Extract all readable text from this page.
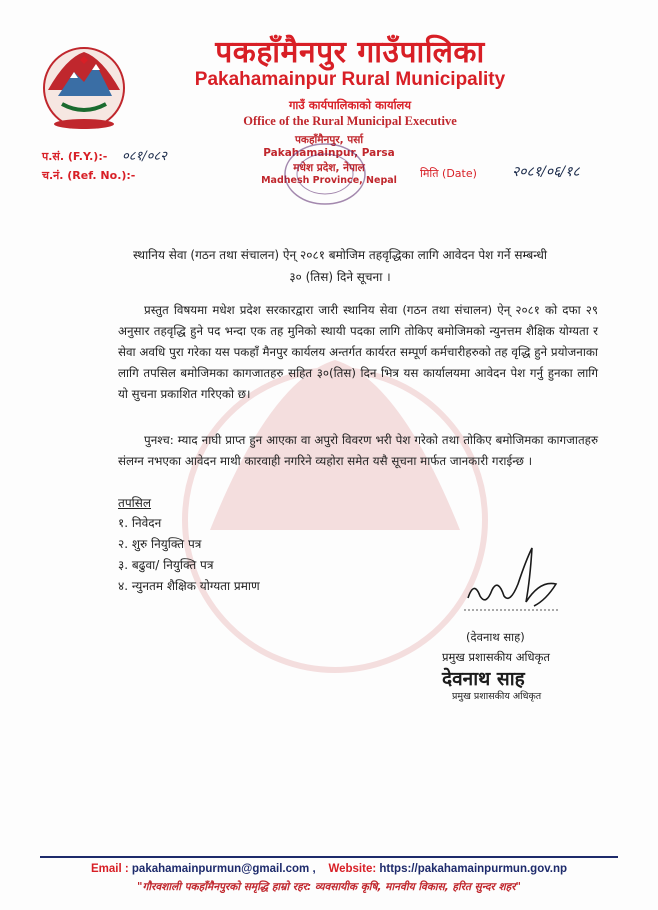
पकहाँमैनपुर गाउँपालिका
Pakahamainpur Rural Municipality
गाउँ कार्यपालिकाको कार्यालय
Office of the Rural Municipal Executive
पकहाँमैनपुर, पर्सा
Pakahamainpur, Parsa
मधेश प्रदेश, नेपाल
Madhesh Province, Nepal
प.सं. (F.Y.):- ०८१/०८२
च.नं. (Ref. No.):-	मिति (Date)	२०८१/०६/१८
स्थानिय सेवा (गठन तथा संचालन) ऐन् २०८१ बमोजिम तहवृद्धिका लागि आवेदन पेश गर्ने सम्बन्धी
३० (तिस) दिने सूचना ।
प्रस्तुत विषयमा मधेश प्रदेश सरकारद्वारा जारी स्थानिय सेवा (गठन तथा संचालन) ऐन् २०८१ को दफा २९ अनुसार तहवृद्धि हुने पद भन्दा एक तह मुनिको स्थायी पदका लागि तोकिए बमोजिमको न्युनत्तम शैक्षिक योग्यता र सेवा अवधि पुरा गरेका यस पकहाँ मैनपुर कार्यलय अन्तर्गत कार्यरत सम्पूर्ण कर्मचारीहरुको तह वृद्धि हुने प्रयोजनाका लागि तपसिल बमोजिमका कागजातहरु सहित ३०(तिस) दिन भित्र यस कार्यालयमा आवेदन पेश गर्नु हुनका लागि यो सुचना प्रकाशित गरिएको छ।
पुनश्च: म्याद नाघी प्राप्त हुन आएका वा अपुरो विवरण भरी पेश गरेको तथा तोकिए बमोजिमका कागजातहरु संलग्न नभएका आवेदन माथी कारवाही नगरिने व्यहोरा समेत यसै सूचना मार्फत जानकारी गराईन्छ ।
तपसिल
१. निवेदन
२. शुरु नियुक्ति पत्र
३. बढुवा/ नियुक्ति पत्र
४. न्युनतम शैक्षिक योग्यता प्रमाण
(देवनाथ साह)
प्रमुख प्रशासकीय अधिकृत
देवनाथ साह
प्रमुख प्रशासकीय अधिकृत
Email : pakahamainpurmun@gmail.com , Website: https://pakahamainpurmun.gov.np
"गौरवशाली पकहाँमैनपुरको समृद्धि हाम्रो रहर: व्यवसायीक कृषि, मानवीय विकास, हरित सुन्दर शहर"
